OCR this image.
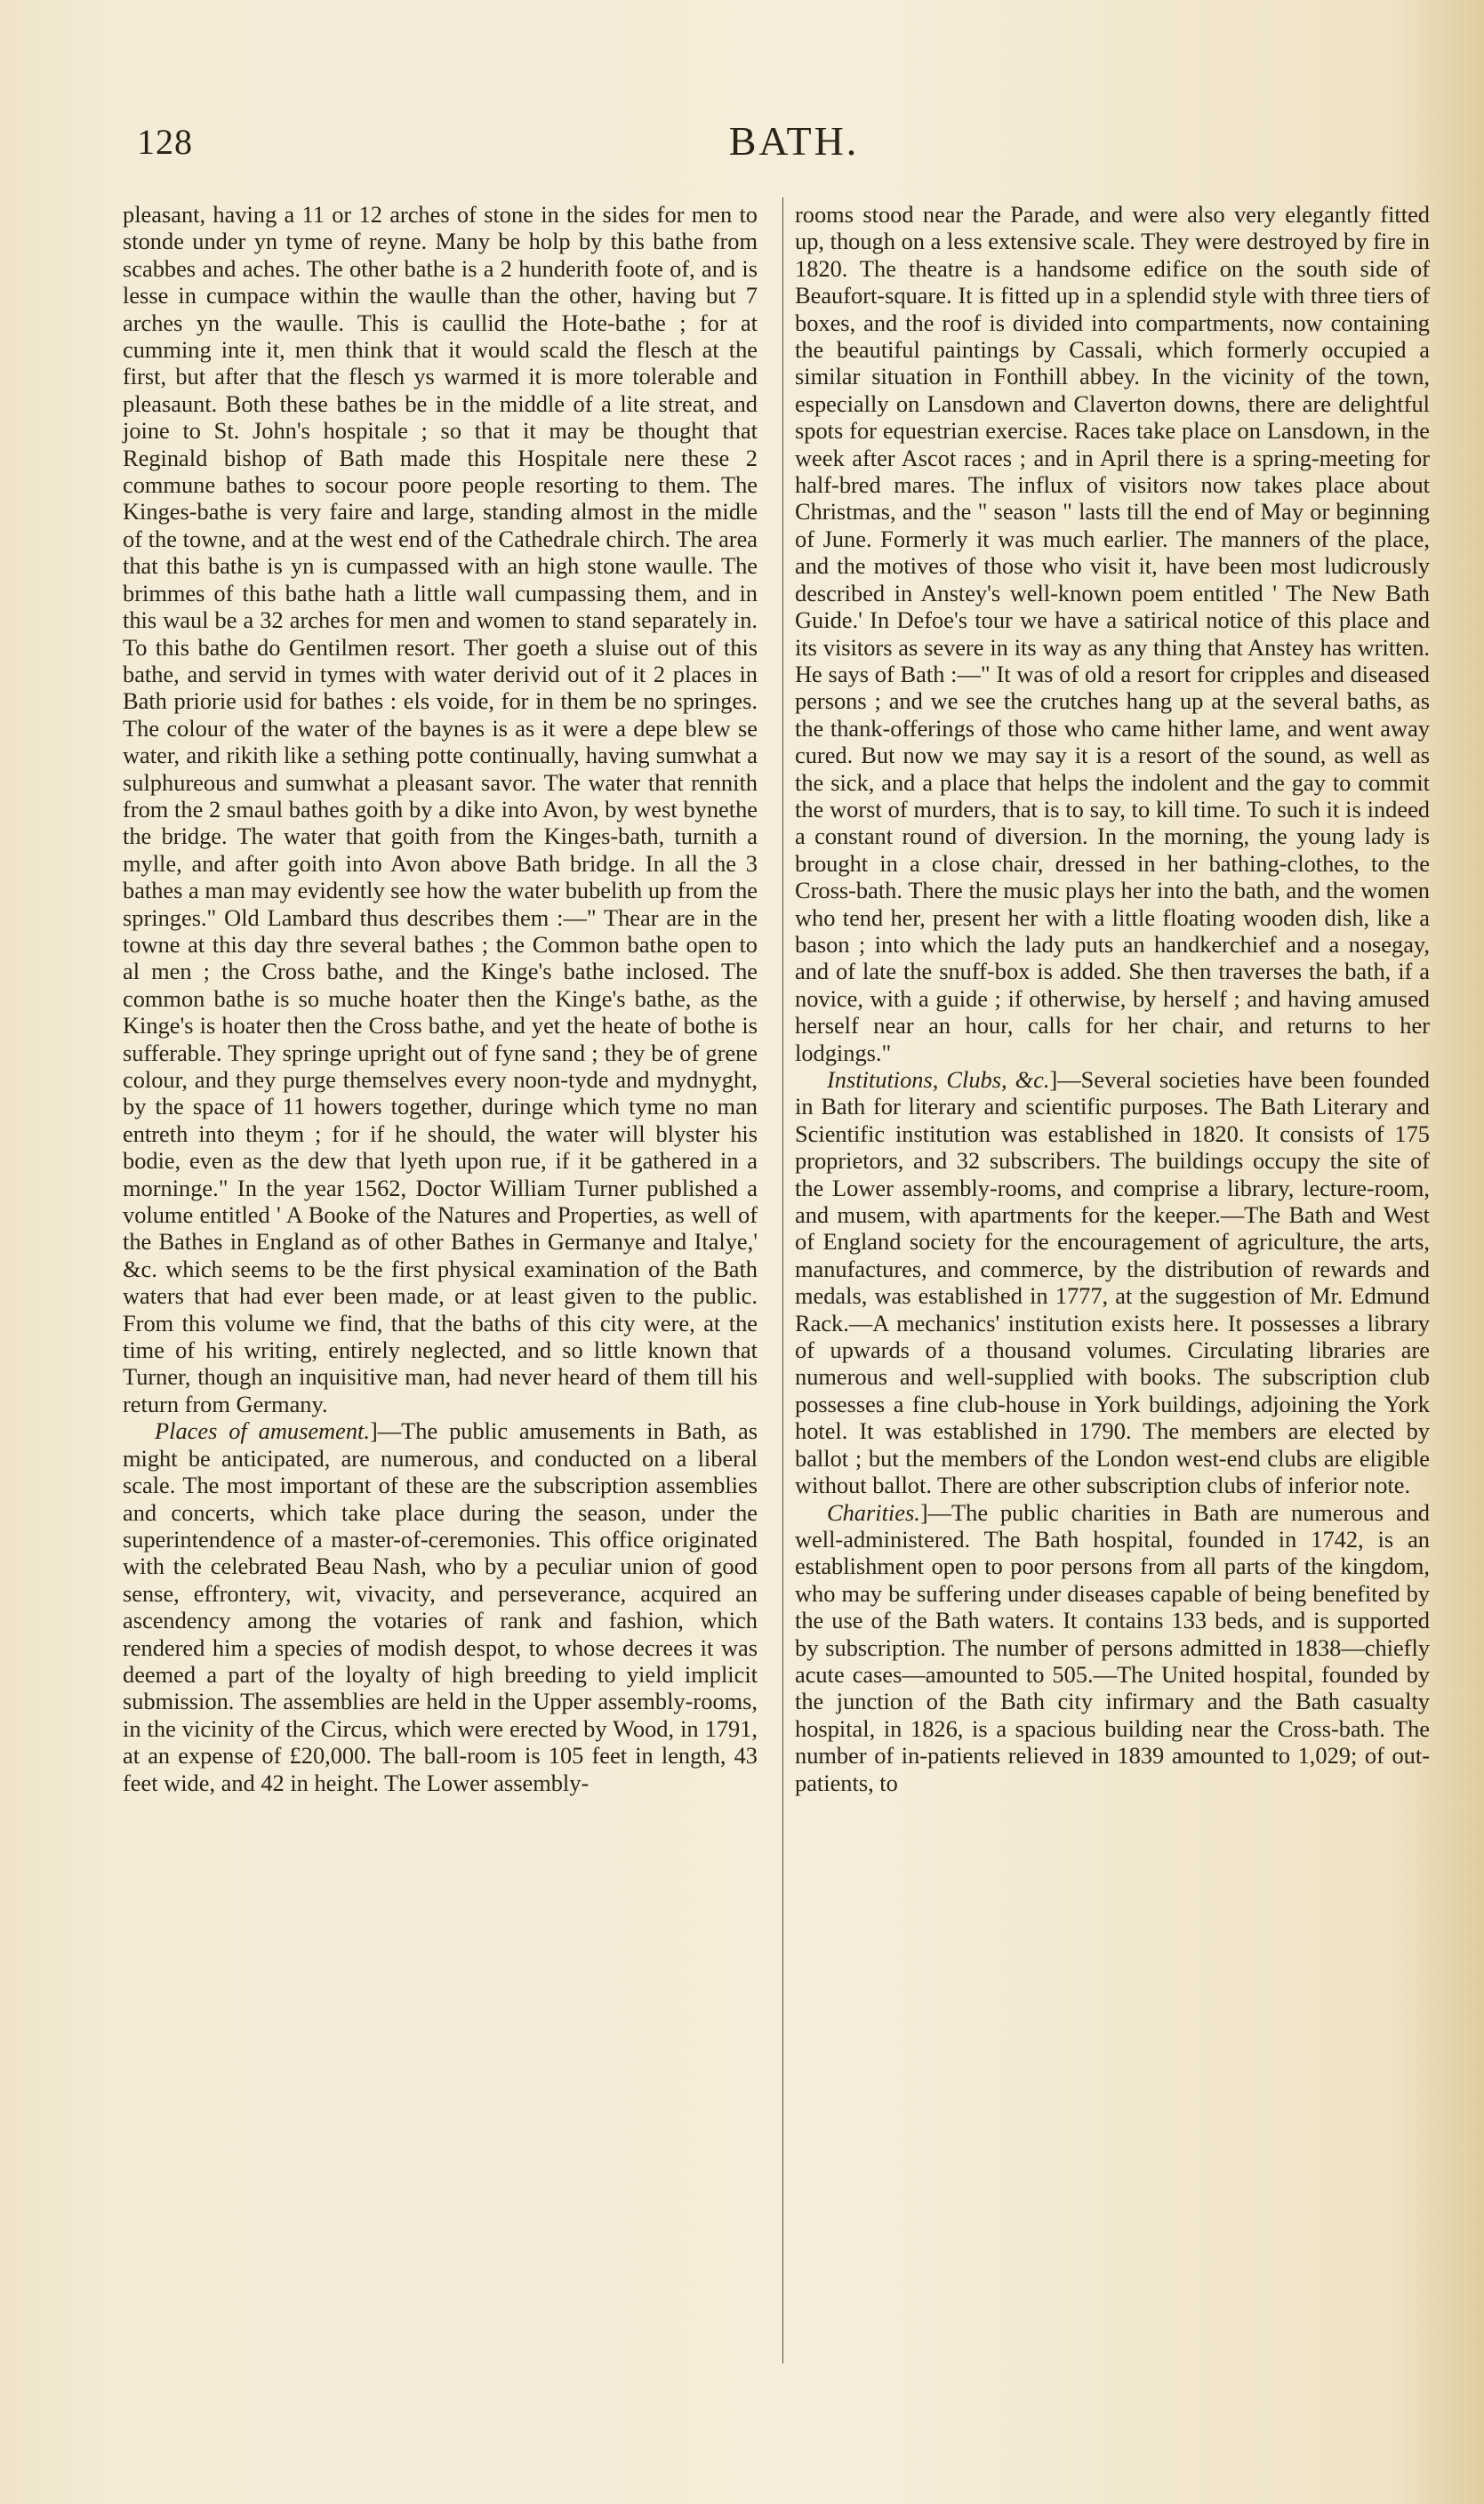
128	BATH.

pleasant, having a 11 or 12 arches of stone in the sides for men to stonde under yn tyme of reyne. Many be holp by this bathe from scabbes and aches. The other bathe is a 2 hunderith foote of, and is lesse in cumpace within the waulle than the other, having but 7 arches yn the waulle. This is caullid the Hote-bathe ; for at cumming inte it, men think that it would scald the flesch at the first, but after that the flesch ys warmed it is more tolerable and pleasaunt. Both these bathes be in the middle of a lite streat, and joine to St. John's hospitale ; so that it may be thought that Reginald bishop of Bath made this Hospitale nere these 2 commune bathes to socour poore people resorting to them. The Kinges-bathe is very faire and large, standing almost in the midle of the towne, and at the west end of the Cathedrale chirch. The area that this bathe is yn is cumpassed with an high stone waulle. The brimmes of this bathe hath a little wall cumpassing them, and in this waul be a 32 arches for men and women to stand separately in. To this bathe do Gentilmen resort. Ther goeth a sluise out of this bathe, and servid in tymes with water derivid out of it 2 places in Bath priorie usid for bathes : els voide, for in them be no springes. The colour of the water of the baynes is as it were a depe blew se water, and rikith like a sething potte continually, having sumwhat a sulphureous and sumwhat a pleasant savor. The water that rennith from the 2 smaul bathes goith by a dike into Avon, by west bynethe the bridge. The water that goith from the Kinges-bath, turnith a mylle, and after goith into Avon above Bath bridge. In all the 3 bathes a man may evidently see how the water bubelith up from the springes." Old Lambard thus describes them :—" Thear are in the towne at this day thre several bathes ; the Common bathe open to al men ; the Cross bathe, and the Kinge's bathe inclosed. The common bathe is so muche hoater then the Kinge's bathe, as the Kinge's is hoater then the Cross bathe, and yet the heate of bothe is sufferable. They springe upright out of fyne sand ; they be of grene colour, and they purge themselves every noon-tyde and mydnyght, by the space of 11 howers together, duringe which tyme no man entreth into theym ; for if he should, the water will blyster his bodie, even as the dew that lyeth upon rue, if it be gathered in a morninge." In the year 1562, Doctor William Turner published a volume entitled ' A Booke of the Natures and Properties, as well of the Bathes in England as of other Bathes in Germanye and Italye,' &c. which seems to be the first physical examination of the Bath waters that had ever been made, or at least given to the public. From this volume we find, that the baths of this city were, at the time of his writing, entirely neglected, and so little known that Turner, though an inquisitive man, had never heard of them till his return from Germany.

Places of amusement.]—The public amusements in Bath, as might be anticipated, are numerous, and conducted on a liberal scale. The most important of these are the subscription assemblies and concerts, which take place during the season, under the superintendence of a master-of-ceremonies. This office originated with the celebrated Beau Nash, who by a peculiar union of good sense, effrontery, wit, vivacity, and perseverance, acquired an ascendency among the votaries of rank and fashion, which rendered him a species of modish despot, to whose decrees it was deemed a part of the loyalty of high breeding to yield implicit submission. The assemblies are held in the Upper assembly-rooms, in the vicinity of the Circus, which were erected by Wood, in 1791, at an expense of £20,000. The ball-room is 105 feet in length, 43 feet wide, and 42 in height. The Lower assembly-

rooms stood near the Parade, and were also very elegantly fitted up, though on a less extensive scale. They were destroyed by fire in 1820. The theatre is a handsome edifice on the south side of Beaufort-square. It is fitted up in a splendid style with three tiers of boxes, and the roof is divided into compartments, now containing the beautiful paintings by Cassali, which formerly occupied a similar situation in Fonthill abbey. In the vicinity of the town, especially on Lansdown and Claverton downs, there are delightful spots for equestrian exercise. Races take place on Lansdown, in the week after Ascot races ; and in April there is a spring-meeting for half-bred mares. The influx of visitors now takes place about Christmas, and the " season " lasts till the end of May or beginning of June. Formerly it was much earlier. The manners of the place, and the motives of those who visit it, have been most ludicrously described in Anstey's well-known poem entitled ' The New Bath Guide.' In Defoe's tour we have a satirical notice of this place and its visitors as severe in its way as any thing that Anstey has written. He says of Bath :—" It was of old a resort for cripples and diseased persons ; and we see the crutches hang up at the several baths, as the thank-offerings of those who came hither lame, and went away cured. But now we may say it is a resort of the sound, as well as the sick, and a place that helps the indolent and the gay to commit the worst of murders, that is to say, to kill time. To such it is indeed a constant round of diversion. In the morning, the young lady is brought in a close chair, dressed in her bathing-clothes, to the Cross-bath. There the music plays her into the bath, and the women who tend her, present her with a little floating wooden dish, like a bason ; into which the lady puts an handkerchief and a nosegay, and of late the snuff-box is added. She then traverses the bath, if a novice, with a guide ; if otherwise, by herself ; and having amused herself near an hour, calls for her chair, and returns to her lodgings."

Institutions, Clubs, &c.]—Several societies have been founded in Bath for literary and scientific purposes. The Bath Literary and Scientific institution was established in 1820. It consists of 175 proprietors, and 32 subscribers. The buildings occupy the site of the Lower assembly-rooms, and comprise a library, lecture-room, and musem, with apartments for the keeper.—The Bath and West of England society for the encouragement of agriculture, the arts, manufactures, and commerce, by the distribution of rewards and medals, was established in 1777, at the suggestion of Mr. Edmund Rack.—A mechanics' institution exists here. It possesses a library of upwards of a thousand volumes. Circulating libraries are numerous and well-supplied with books. The subscription club possesses a fine club-house in York buildings, adjoining the York hotel. It was established in 1790. The members are elected by ballot ; but the members of the London west-end clubs are eligible without ballot. There are other subscription clubs of inferior note.

Charities.]—The public charities in Bath are numerous and well-administered. The Bath hospital, founded in 1742, is an establishment open to poor persons from all parts of the kingdom, who may be suffering under diseases capable of being benefited by the use of the Bath waters. It contains 133 beds, and is supported by subscription. The number of persons admitted in 1838—chiefly acute cases—amounted to 505.—The United hospital, founded by the junction of the Bath city infirmary and the Bath casualty hospital, in 1826, is a spacious building near the Cross-bath. The number of in-patients relieved in 1839 amounted to 1,029; of out-patients, to
